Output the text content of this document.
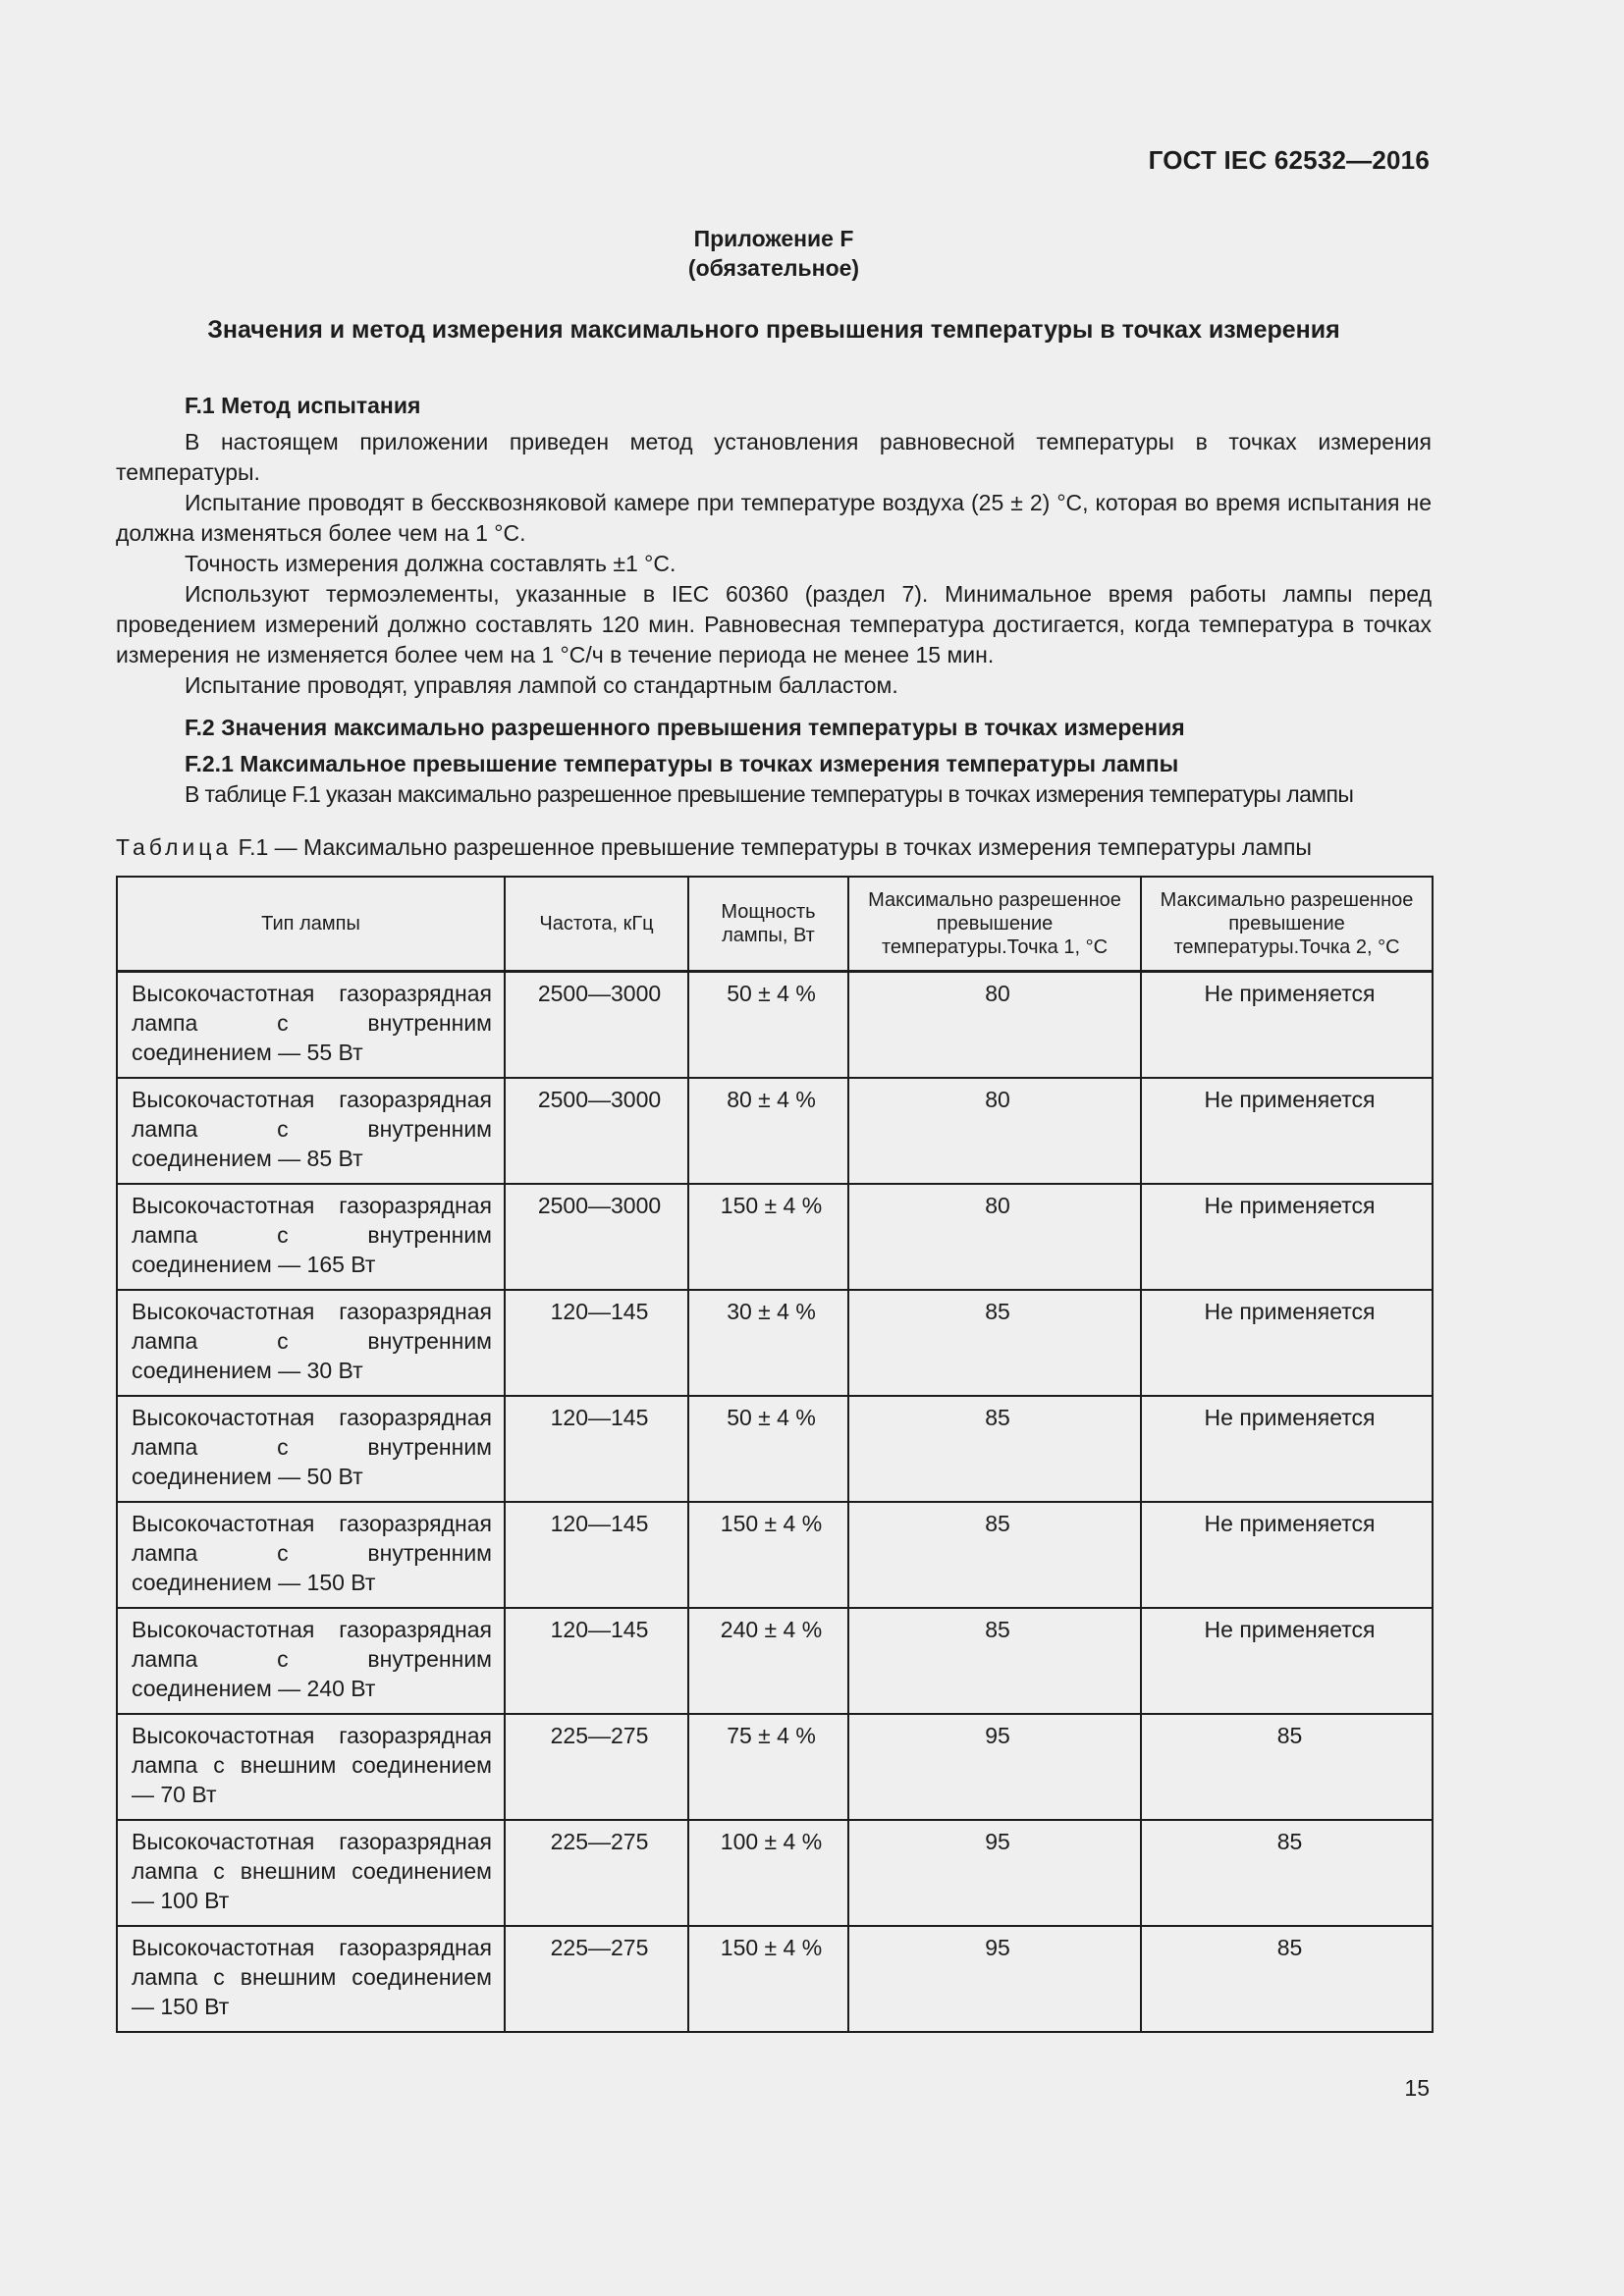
ГОСТ IEC 62532—2016
Приложение F
(обязательное)
Значения и метод измерения максимального превышения температуры в точках измерения
F.1 Метод испытания

В настоящем приложении приведен метод установления равновесной температуры в точках измерения температуры.

Испытание проводят в бессквозняковой камере при температуре воздуха (25 ± 2) °С, которая во время испытания не должна изменяться более чем на 1 °С.

Точность измерения должна составлять ±1 °С.

Используют термоэлементы, указанные в IEC 60360 (раздел 7). Минимальное время работы лампы перед проведением измерений должно составлять 120 мин. Равновесная температура достигается, когда температура в точках измерения не изменяется более чем на 1 °С/ч в течение периода не менее 15 мин.

Испытание проводят, управляя лампой со стандартным балластом.

F.2 Значения максимально разрешенного превышения температуры в точках измерения
F.2.1 Максимальное превышение температуры в точках измерения температуры лампы

В таблице F.1 указан максимально разрешенное превышение температуры в точках измерения температуры лампы

Таблица F.1 — Максимально разрешенное превышение температуры в точках измерения температуры лампы
Тип лампы	Частота, кГц	Мощность лампы, Вт	Максимально разрешенное превышение температуры.Точка 1, °С	Максимально разрешенное превышение температуры.Точка 2, °С
Высокочастотная газоразрядная лампа с внутренним соединением — 55 Вт	2500—3000	50 ± 4 %	80	Не применяется
Высокочастотная газоразрядная лампа с внутренним соединением — 85 Вт	2500—3000	80 ± 4 %	80	Не применяется
Высокочастотная газоразрядная лампа с внутренним соединением — 165 Вт	2500—3000	150 ± 4 %	80	Не применяется
Высокочастотная газоразрядная лампа с внутренним соединением — 30 Вт	120—145	30 ± 4 %	85	Не применяется
Высокочастотная газоразрядная лампа с внутренним соединением — 50 Вт	120—145	50 ± 4 %	85	Не применяется
Высокочастотная газоразрядная лампа с внутренним соединением — 150 Вт	120—145	150 ± 4 %	85	Не применяется
Высокочастотная газоразрядная лампа с внутренним соединением — 240 Вт	120—145	240 ± 4 %	85	Не применяется
Высокочастотная газоразрядная лампа с внешним соединением — 70 Вт	225—275	75 ± 4 %	95	85
Высокочастотная газоразрядная лампа с внешним соединением — 100 Вт	225—275	100 ± 4 %	95	85
Высокочастотная газоразрядная лампа с внешним соединением — 150 Вт	225—275	150 ± 4 %	95	85
15
